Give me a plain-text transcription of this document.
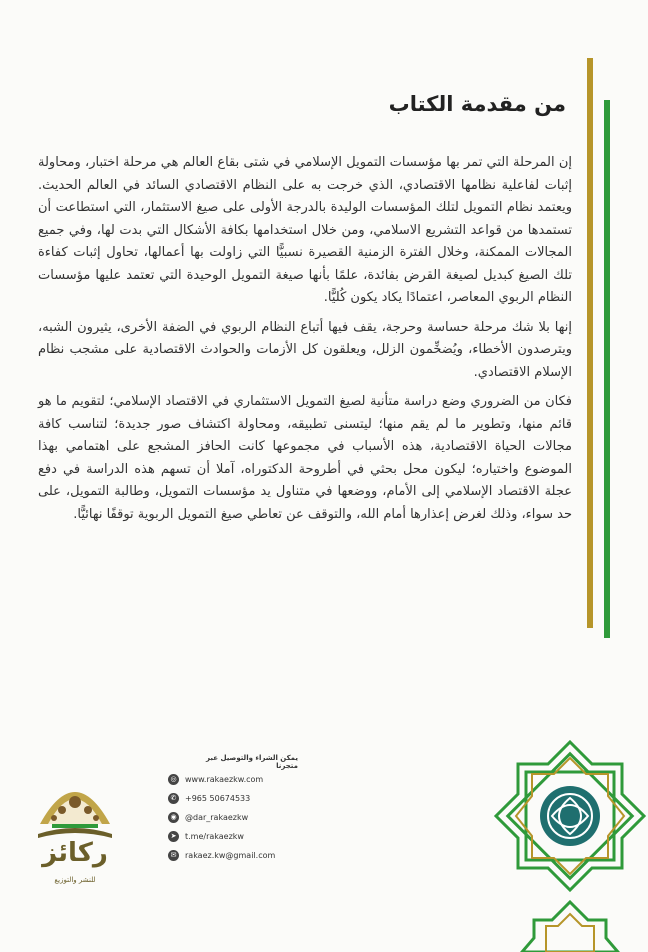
من مقدمة الكتاب

إن المرحلة التي تمر بها مؤسسات التمويل الإسلامي في شتى بقاع العالم هي مرحلة اختبار، ومحاولة إثبات لفاعلية نظامها الاقتصادي، الذي خرجت به على النظام الاقتصادي السائد في العالم الحديث. ويعتمد نظام التمويل لتلك المؤسسات الوليدة بالدرجة الأولى على صيغ الاستثمار، التي استطاعت أن تستمدها من قواعد التشريع الاسلامي، ومن خلال استخدامها بكافة الأشكال التي بدت لها، وفي جميع المجالات الممكنة، وخلال الفترة الزمنية القصيرة نسبيًّا التي زاولت بها أعمالها، تحاول إثبات كفاءة تلك الصيغ كبديل لصيغة القرض بفائدة، علمًا بأنها صيغة التمويل الوحيدة التي تعتمد عليها مؤسسات النظام الربوي المعاصر، اعتمادًا يكاد يكون كُليًّا.

إنها بلا شك مرحلة حساسة وحرجة، يقف فيها أتباع النظام الربوي في الضفة الأخرى، يثيرون الشبه، ويترصدون الأخطاء، ويُضخِّمون الزلل، ويعلقون كل الأزمات والحوادث الاقتصادية على مشجب نظام الإسلام الاقتصادي.

فكان من الضروري وضع دراسة متأنية لصيغ التمويل الاستثماري في الاقتصاد الإسلامي؛ لتقويم ما هو قائم منها، وتطوير ما لم يقم منها؛ ليتسنى تطبيقه، ومحاولة اكتشاف صور جديدة؛ لتناسب كافة مجالات الحياة الاقتصادية، هذه الأسباب في مجموعها كانت الحافز المشجع على اهتمامي بهذا الموضوع واختياره؛ ليكون محل بحثي في أطروحة الدكتوراه، آملا أن تسهم هذه الدراسة في دفع عجلة الاقتصاد الإسلامي إلى الأمام، ووضعها في متناول يد مؤسسات التمويل، وطالبة التمويل، على حد سواء، وذلك لغرض إعذارها أمام الله، والتوقف عن تعاطي صيغ التمويل الربوية توقفًا نهائيًّا.

يمكن الشراء والتوصيل عبر متجرنا
◎	www.rakaezkw.com
✆	+965 50674533
◉	@dar_rakaezkw
➤	t.me/rakaezkw
✉	rakaez.kw@gmail.com
ركائز
للنشر والتوزيع
